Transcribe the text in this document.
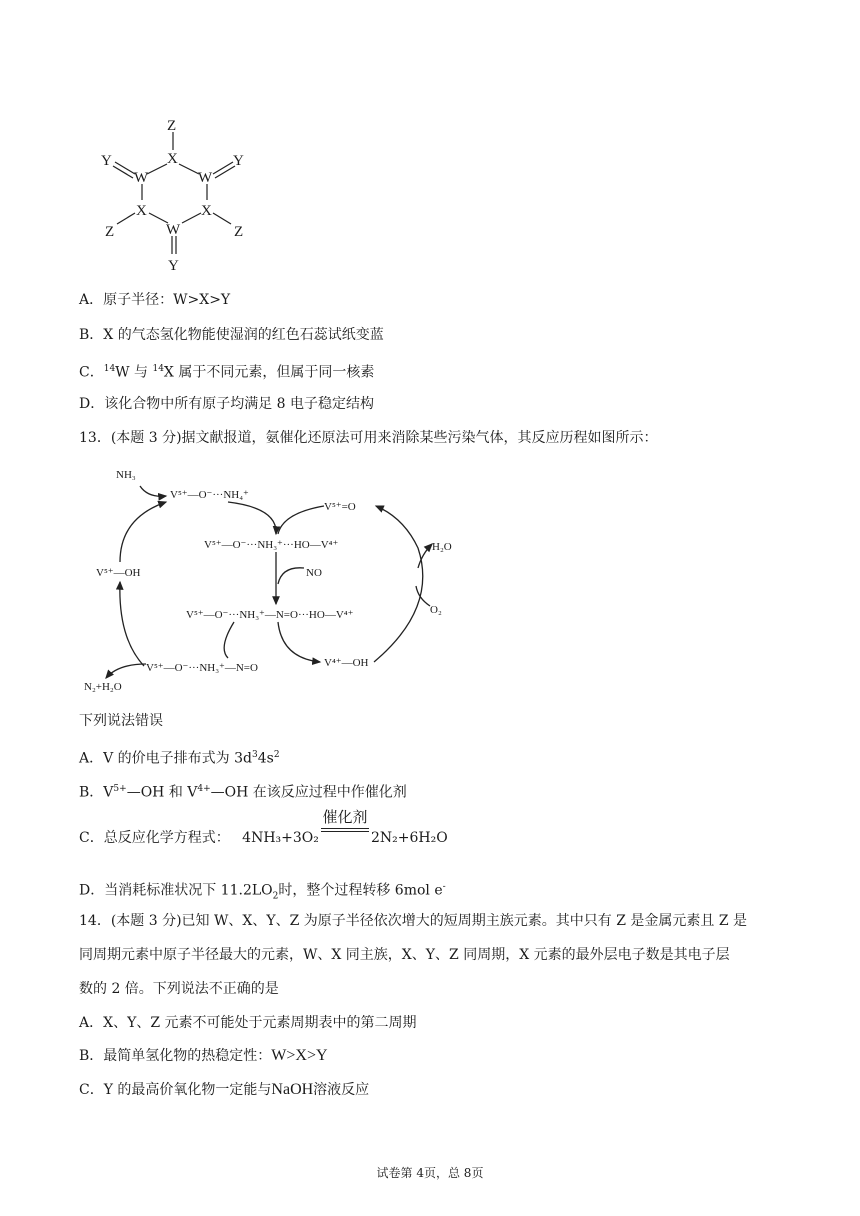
Z
X
Y
W	W
Y
X	X
Z	Z
W
Y
A．原子半径：W>X>Y
B．X 的气态氢化物能使湿润的红色石蕊试纸变蓝
C．$^{14}$W 与 $^{14}$X 属于不同元素，但属于同一核素
D．该化合物中所有原子均满足 8 电子稳定结构
13．(本题 3 分)据文献报道，氨催化还原法可用来消除某些污染气体，其反应历程如图所示：
NH₃
V⁵⁺—O⁻···NH₄⁺
V⁵⁺=O
V⁵⁺—O⁻···NH₃⁺···HO—V⁴⁺	H₂O
V⁵⁺—OH	NO
V⁵⁺—O⁻···NH₃⁺—N=O···HO—V⁴⁺	O₂
V⁴⁺—OH
V⁵⁺—O⁻···NH₃⁺—N=O
N₂+H₂O
下列说法错误
A．V 的价电子排布式为 $3d^34s^2$
B．$V^{5+}—OH$ 和 $V^{4+}—OH$ 在该反应过程中作催化剂
C．总反应化学方程式： 4NH₃+3O₂
催化剂
2N₂+6H₂O
D．当消耗标准状况下 $11.2LO_2$时，整个过程转移 6mol e-
14．(本题 3 分)已知 W、X、Y、Z 为原子半径依次增大的短周期主族元素。其中只有 Z 是金属元素且 Z 是
同周期元素中原子半径最大的元素，W、X 同主族，X、Y、Z 同周期，X 元素的最外层电子数是其电子层
数的 2 倍。下列说法不正确的是
A．X、Y、Z 元素不可能处于元素周期表中的第二周期
B．最简单氢化物的热稳定性：W>X>Y
C．Y 的最高价氧化物一定能与NaOH溶液反应
试卷第 4页，总 8页
